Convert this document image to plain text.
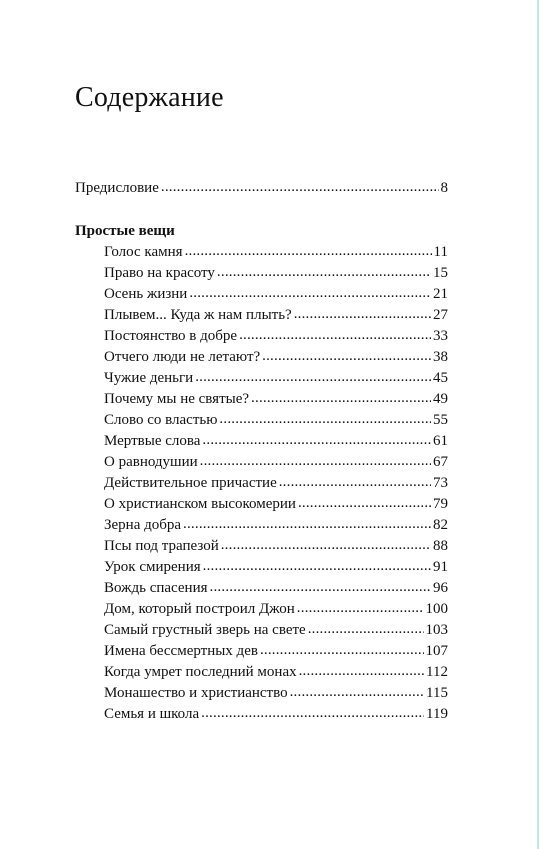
Содержание
Предисловие .....	8
Простые вещи
Голос камня .....	11
Право на красоту .....	15
Осень жизни .....	21
Плывем... Куда ж нам плыть? .....	27
Постоянство в добре .....	33
Отчего люди не летают? .....	38
Чужие деньги .....	45
Почему мы не святые? .....	49
Слово со властью .....	55
Мертвые слова .....	61
О равнодушии .....	67
Действительное причастие .....	73
О христианском высокомерии .....	79
Зерна добра .....	82
Псы под трапезой .....	88
Урок смирения .....	91
Вождь спасения .....	96
Дом, который построил Джон .....	100
Самый грустный зверь на свете .....	103
Имена бессмертных дев .....	107
Когда умрет последний монах .....	112
Монашество и христианство .....	115
Семья и школа .....	119
